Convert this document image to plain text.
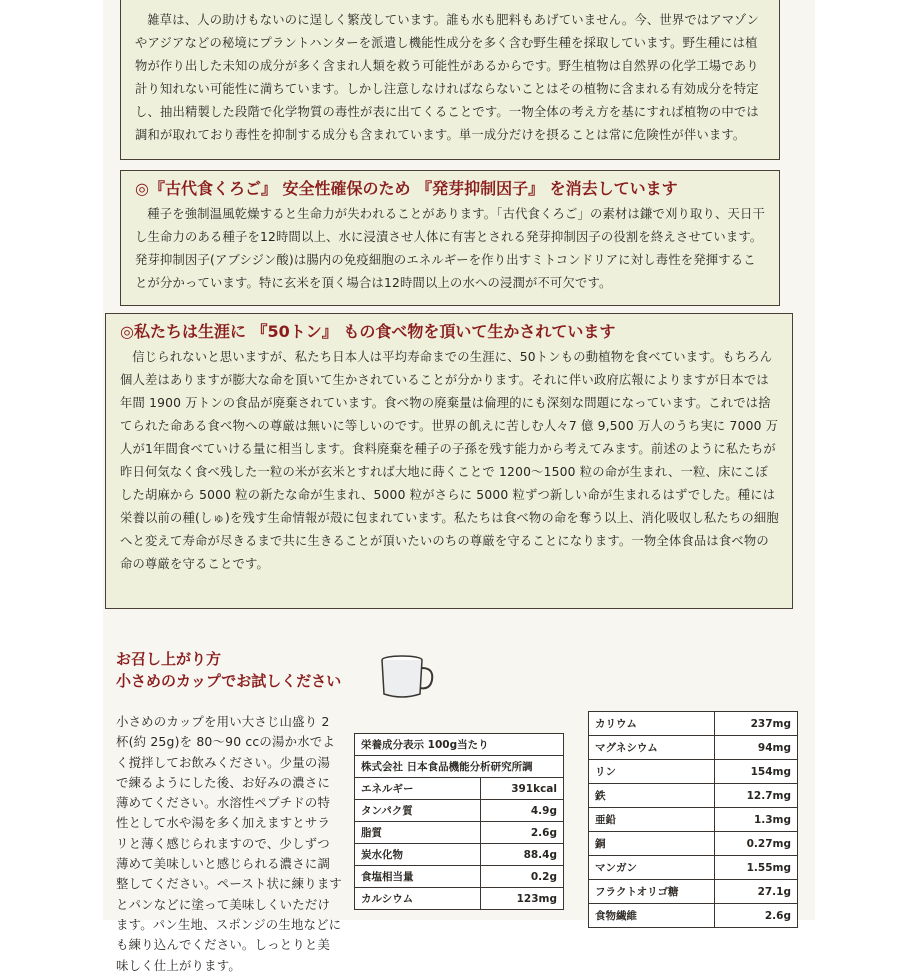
雑草は、人の助けもないのに逞しく繁茂しています。誰も水も肥料もあげていません。今、世界ではアマゾンやアジアなどの秘境にプラントハンターを派遣し機能性成分を多く含む野生種を採取しています。野生種には植物が作り出した未知の成分が多く含まれ人類を救う可能性があるからです。野生植物は自然界の化学工場であり計り知れない可能性に満ちています。しかし注意しなければならないことはその植物に含まれる有効成分を特定し、抽出精製した段階で化学物質の毒性が表に出てくることです。一物全体の考え方を基にすれば植物の中では調和が取れており毒性を抑制する成分も含まれています。単一成分だけを摂ることは常に危険性が伴います。

◎『古代食くろご』 安全性確保のため 『発芽抑制因子』 を消去しています

種子を強制温風乾燥すると生命力が失われることがあります。「古代食くろご」の素材は鎌で刈り取り、天日干し生命力のある種子を12時間以上、水に浸漬させ人体に有害とされる発芽抑制因子の役割を終えさせています。発芽抑制因子(アブシジン酸)は腸内の免疫細胞のエネルギーを作り出すミトコンドリアに対し毒性を発揮することが分かっています。特に玄米を頂く場合は12時間以上の水への浸潤が不可欠です。

◎私たちは生涯に 『50トン』 もの食べ物を頂いて生かされています

信じられないと思いますが、私たち日本人は平均寿命までの生涯に、50トンもの動植物を食べています。もちろん個人差はありますが膨大な命を頂いて生かされていることが分かります。それに伴い政府広報によりますが日本では年間 1900 万トンの食品が廃棄されています。食べ物の廃棄量は倫理的にも深刻な問題になっています。これでは捨てられた命ある食べ物への尊厳は無いに等しいのです。世界の飢えに苦しむ人々7 億 9,500 万人のうち実に 7000 万人が1年間食べていける量に相当します。食料廃棄を種子の子孫を残す能力から考えてみます。前述のように私たちが昨日何気なく食べ残した一粒の米が玄米とすれば大地に蒔くことで 1200～1500 粒の命が生まれ、一粒、床にこぼした胡麻から 5000 粒の新たな命が生まれ、5000 粒がさらに 5000 粒ずつ新しい命が生まれるはずでした。種には栄養以前の種(しゅ)を残す生命情報が殻に包まれています。私たちは食べ物の命を奪う以上、消化吸収し私たちの細胞へと変えて寿命が尽きるまで共に生きることが頂いたいのちの尊厳を守ることになります。一物全体食品は食べ物の命の尊厳を守ることです。

お召し上がり方
小さめのカップでお試しください

小さめのカップを用い大さじ山盛り 2 杯(約 25g)を 80～90 ccの湯か水でよく撹拌してお飲みください。少量の湯で練るようにした後、お好みの濃さに薄めてください。水溶性ペプチドの特性として水や湯を多く加えますとサラリと薄く感じられますので、少しずつ薄めて美味しいと感じられる濃さに調整してください。ペースト状に練りますとパンなどに塗って美味しくいただけます。パン生地、スポンジの生地などにも練り込んでください。しっとりと美味しく仕上がります。

栄養成分表示 100g当たり	
株式会社 日本食品機能分析研究所調	
エネルギー	391kcal
タンパク質	4.9g
脂質	2.6g
炭水化物	88.4g
食塩相当量	0.2g
カルシウム	123mg
カリウム	237mg
マグネシウム	94mg
リン	154mg
鉄	12.7mg
亜鉛	1.3mg
銅	0.27mg
マンガン	1.55mg
フラクトオリゴ糖	27.1g
食物繊維	2.6g
